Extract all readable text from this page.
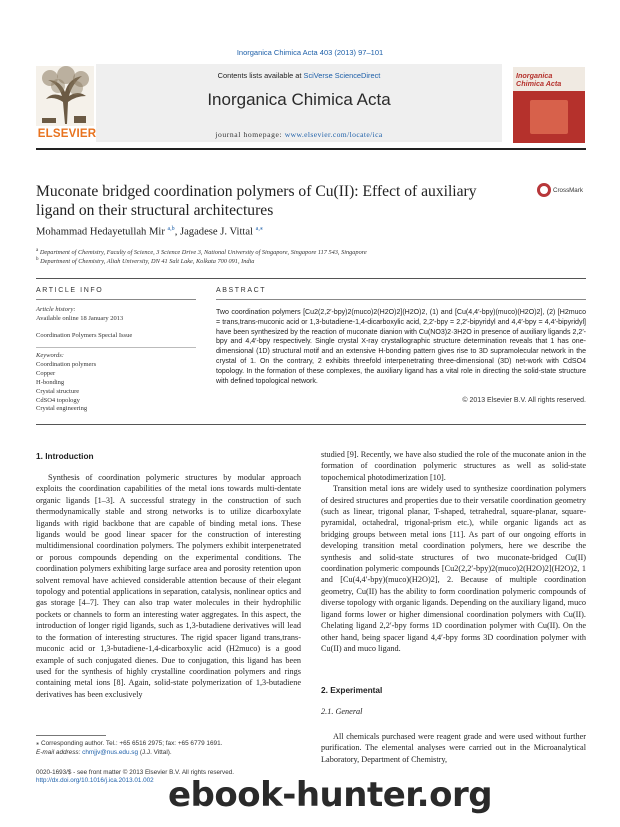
Inorganica Chimica Acta 403 (2013) 97–101
Contents lists available at SciVerse ScienceDirect
Inorganica Chimica Acta
journal homepage: www.elsevier.com/locate/ica
ELSEVIER
Inorganica Chimica Acta
Muconate bridged coordination polymers of Cu(II): Effect of auxiliary ligand on their structural architectures
CrossMark
Mohammad Hedayetullah Mir $^{a,b}$, Jagadese J. Vittal $^{a,⁎}$
$^a$ Department of Chemistry, Faculty of Science, 3 Science Drive 3, National University of Singapore, Singapore 117 543, Singapore
$^b$ Department of Chemistry, Aliah University, DN 41 Salt Lake, Kolkata 700 091, India
ARTICLE INFO
Article history:
Available online 18 January 2013
Coordination Polymers Special Issue
Keywords:
Coordination polymers
Copper
H-bonding
Crystal structure
CdSO4 topology
Crystal engineering
ABSTRACT
Two coordination polymers [Cu2(2,2′-bpy)2(muco)2(H2O)2](H2O)2, (1) and [Cu(4,4′-bpy)(muco)(H2O)2], (2) [H2muco = trans,trans-muconic acid or 1,3-butadiene-1,4-dicarboxylic acid, 2,2′-bpy = 2,2′-bipyridyl and 4,4′-bpy = 4,4′-bipyridyl] have been synthesized by the reaction of muconate dianion with Cu(NO3)2·3H2O in presence of auxiliary ligands 2,2′-bpy and 4,4′-bpy respectively. Single crystal X-ray crystallographic structure determination reveals that 1 has one-dimensional (1D) structural motif and an extensive H-bonding pattern gives rise to 3D supramolecular network in the crystal of 1. On the contrary, 2 exhibits threefold interpenetrating three-dimensional (3D) net-work with CdSO4 topology. In the formation of these complexes, the auxiliary ligand has a vital role in directing the solid-state structure with defined topological network.
© 2013 Elsevier B.V. All rights reserved.
1. Introduction

Synthesis of coordination polymeric structures by modular approach exploits the coordination capabilities of the metal ions towards multi-dentate organic ligands [1–3]. A successful strategy in the construction of such thermodynamically stable and strong networks is to utilize dicarboxylate ligands with rigid backbone that are capable of binding metal ions. These ligands would be good linear spacer for the construction of interesting multidimensional coordination polymers. The polymers exhibit interpenetrated or porous compounds depending on the experimental conditions. The coordination polymers exhibiting large surface area and porosity retention upon solvent removal have achieved considerable attention because of their elegant topology and potential applications in separation, catalysis, nonlinear optics and gas storage [4–7]. They can also trap water molecules in their hydrophilic pockets or channels to form an interesting water aggregates. In this aspect, the introduction of longer rigid ligands, such as 1,3-butadiene derivatives will lead to the formation of interesting structures. The rigid spacer ligand trans,trans-muconic acid or 1,3-butadiene-1,4-dicarboxylic acid (H2muco) is a good example of such conjugated dienes. Due to conjugation, this ligand has been used for the synthesis of highly crystalline coordination polymers and rings containing metal ions [8]. Again, solid-state polymerization of 1,3-butadiene derivatives has been exclusively

studied [9]. Recently, we have also studied the role of the muconate anion in the formation of coordination polymeric structures as well as solid-state topochemical photodimerization [10].

Transition metal ions are widely used to synthesize coordination polymers of desired structures and properties due to their versatile coordination geometry (such as linear, trigonal planar, T-shaped, tetrahedral, square-planar, square-pyramidal, octahedral, trigonal-prism etc.), while organic ligands act as bridging groups between metal ions [11]. As part of our ongoing efforts in developing transition metal coordination polymers, here we describe the synthesis and solid-state structures of two muconate-bridged Cu(II) coordination polymeric compounds [Cu2(2,2′-bpy)2(muco)2(H2O)2](H2O)2, 1 and [Cu(4,4′-bpy)(muco)(H2O)2], 2. Because of multiple coordination geometry, Cu(II) has the ability to form coordination polymeric compounds of diverse topology with organic ligands. Depending on the auxiliary ligand, muco ligand forms lower or higher dimensional coordination polymers with Cu(II). Chelating ligand 2,2′-bpy forms 1D coordination polymer with Cu(II). On the other hand, being spacer ligand 4,4′-bpy forms 3D coordination polymer with Cu(II) and muco ligand.

2. Experimental
2.1. General

All chemicals purchased were reagent grade and were used without further purification. The elemental analyses were carried out in the Microanalytical Laboratory, Department of Chemistry,

⁎ Corresponding author. Tel.: +65 6516 2975; fax: +65 6779 1691.
E-mail address: chmjjv@nus.edu.sg (J.J. Vittal).
0020-1693/$ - see front matter © 2013 Elsevier B.V. All rights reserved.
http://dx.doi.org/10.1016/j.ica.2013.01.002 ebook-hunter.org
